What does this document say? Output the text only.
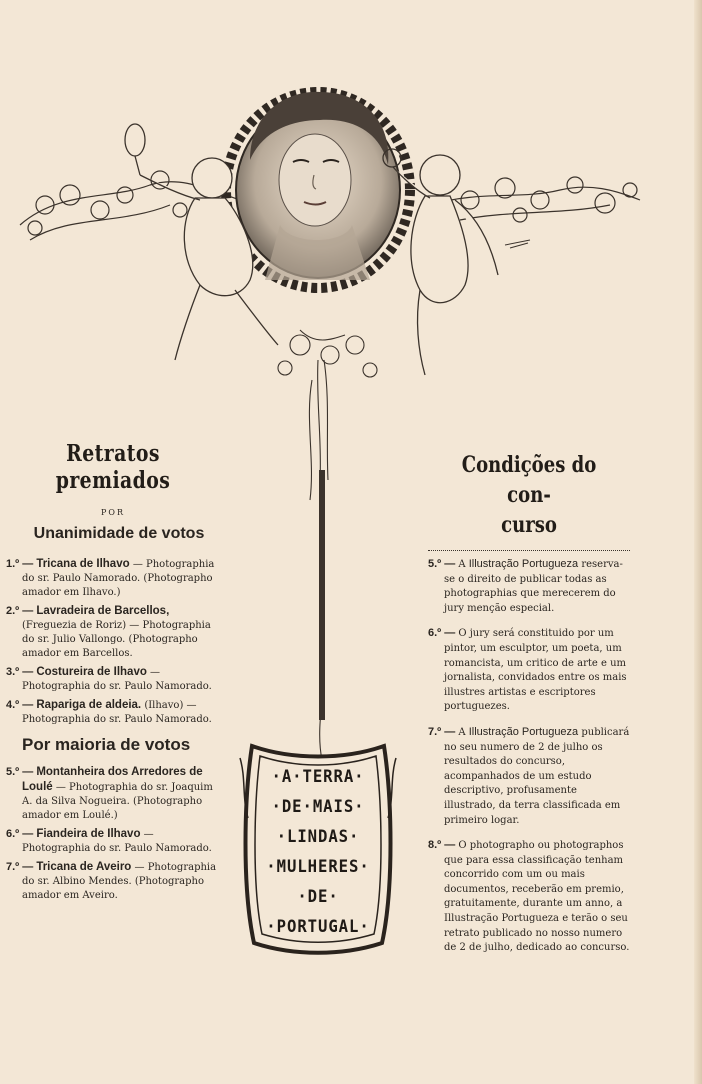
Retratos premiados
POR
Unanimidade de votos
1.º — Tricana de Ilhavo — Photographia do sr. Paulo Namorado. (Photographo amador em Ilhavo.)
2.º — Lavradeira de Barcellos, (Freguezia de Roriz) — Photographia do sr. Julio Vallongo. (Photographo amador em Barcellos.
3.º — Costureira de Ilhavo — Photographia do sr. Paulo Namorado.
4.º — Rapariga de aldeia. (Ilhavo) — Photographia do sr. Paulo Namorado.
Por maioria de votos
5.º — Montanheira dos Arredores de Loulé — Photographia do sr. Joaquim A. da Silva Nogueira. (Photographo amador em Loulé.)
6.º — Fiandeira de Ilhavo — Photographia do sr. Paulo Namorado.
7.º — Tricana de Aveiro — Photographia do sr. Albino Mendes. (Photographo amador em Aveiro.
·A·TERRA·
·DE·MAIS·
·LINDAS·
·MULHERES·
·DE·
·PORTUGAL·
Condições do con-
curso
5.º — A Illustração Portugueza reserva-se o direito de publicar todas as photographias que merecerem do jury menção especial.
6.º — O jury será constituido por um pintor, um esculptor, um poeta, um romancista, um critico de arte e um jornalista, convidados entre os mais illustres artistas e escriptores portuguezes.
7.º — A Illustração Portugueza publicará no seu numero de 2 de julho os resultados do concurso, acompanhados de um estudo descriptivo, profusamente illustrado, da terra classificada em primeiro logar.
8.º — O photographo ou photographos que para essa classificação tenham concorrido com um ou mais documentos, receberão em premio, gratuitamente, durante um anno, a Illustração Portugueza e terão o seu retrato publicado no nosso numero de 2 de julho, dedicado ao concurso.
